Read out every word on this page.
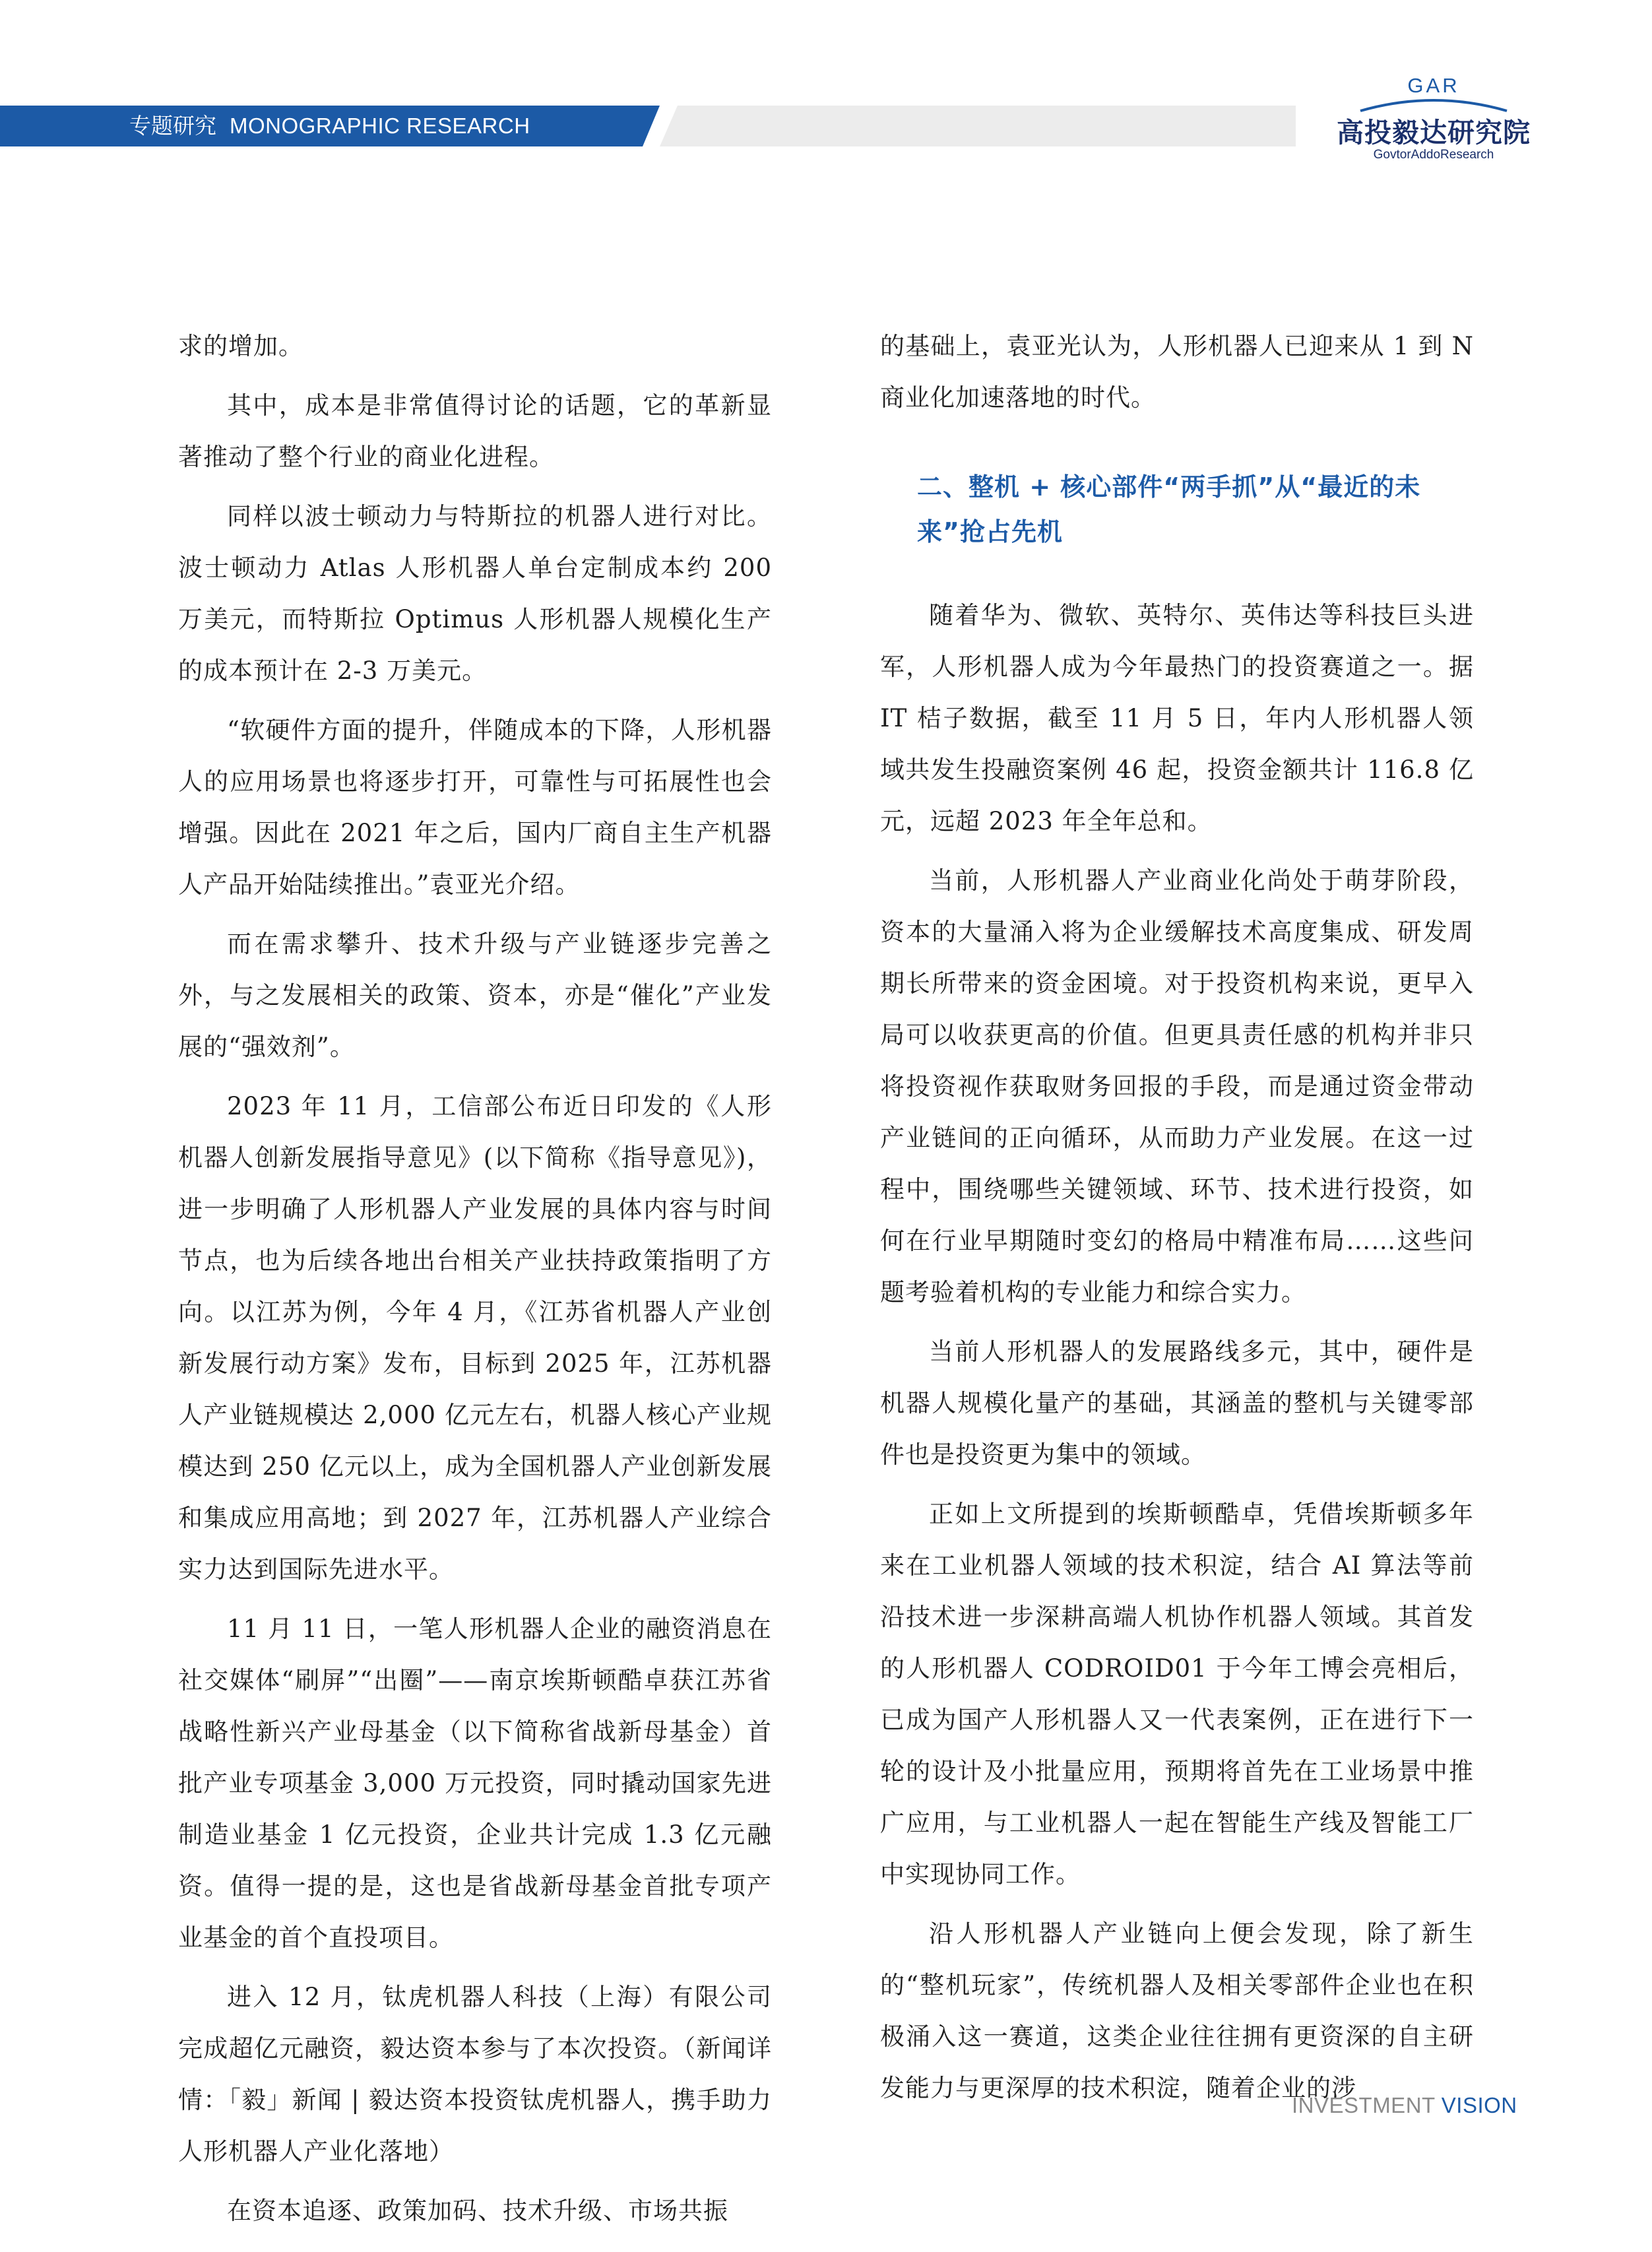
专题研究 MONOGRAPHIC RESEARCH
GAR
高投毅达研究院
GovtorAddoResearch

求的增加。

其中，成本是非常值得讨论的话题，它的革新显著推动了整个行业的商业化进程。

同样以波士顿动力与特斯拉的机器人进行对比。波士顿动力 Atlas 人形机器人单台定制成本约 200 万美元，而特斯拉 Optimus 人形机器人规模化生产的成本预计在 2-3 万美元。

“软硬件方面的提升，伴随成本的下降，人形机器人的应用场景也将逐步打开，可靠性与可拓展性也会增强。因此在 2021 年之后，国内厂商自主生产机器人产品开始陆续推出。”袁亚光介绍。

而在需求攀升、技术升级与产业链逐步完善之外，与之发展相关的政策、资本，亦是“催化”产业发展的“强效剂”。

2023 年 11 月，工信部公布近日印发的《人形机器人创新发展指导意见》(以下简称《指导意见》)，进一步明确了人形机器人产业发展的具体内容与时间节点，也为后续各地出台相关产业扶持政策指明了方向。以江苏为例，今年 4 月，《江苏省机器人产业创新发展行动方案》发布，目标到 2025 年，江苏机器人产业链规模达 2,000 亿元左右，机器人核心产业规模达到 250 亿元以上，成为全国机器人产业创新发展和集成应用高地；到 2027 年，江苏机器人产业综合实力达到国际先进水平。

11 月 11 日，一笔人形机器人企业的融资消息在社交媒体“刷屏”“出圈”——南京埃斯顿酷卓获江苏省战略性新兴产业母基金（以下简称省战新母基金）首批产业专项基金 3,000 万元投资，同时撬动国家先进制造业基金 1 亿元投资，企业共计完成 1.3 亿元融资。值得一提的是，这也是省战新母基金首批专项产业基金的首个直投项目。

进入 12 月，钛虎机器人科技（上海）有限公司完成超亿元融资，毅达资本参与了本次投资。（新闻详情：「毅」新闻 | 毅达资本投资钛虎机器人，携手助力人形机器人产业化落地）

在资本追逐、政策加码、技术升级、市场共振

的基础上，袁亚光认为，人形机器人已迎来从 1 到 N 商业化加速落地的时代。

二、整机 + 核心部件“两手抓”从“最近的未来”抢占先机

随着华为、微软、英特尔、英伟达等科技巨头进军，人形机器人成为今年最热门的投资赛道之一。据 IT 桔子数据，截至 11 月 5 日，年内人形机器人领域共发生投融资案例 46 起，投资金额共计 116.8 亿元，远超 2023 年全年总和。

当前，人形机器人产业商业化尚处于萌芽阶段，资本的大量涌入将为企业缓解技术高度集成、研发周期长所带来的资金困境。对于投资机构来说，更早入局可以收获更高的价值。但更具责任感的机构并非只将投资视作获取财务回报的手段，而是通过资金带动产业链间的正向循环，从而助力产业发展。在这一过程中，围绕哪些关键领域、环节、技术进行投资，如何在行业早期随时变幻的格局中精准布局……这些问题考验着机构的专业能力和综合实力。

当前人形机器人的发展路线多元，其中，硬件是机器人规模化量产的基础，其涵盖的整机与关键零部件也是投资更为集中的领域。

正如上文所提到的埃斯顿酷卓，凭借埃斯顿多年来在工业机器人领域的技术积淀，结合 AI 算法等前沿技术进一步深耕高端人机协作机器人领域。其首发的人形机器人 CODROID01 于今年工博会亮相后，已成为国产人形机器人又一代表案例，正在进行下一轮的设计及小批量应用，预期将首先在工业场景中推广应用，与工业机器人一起在智能生产线及智能工厂中实现协同工作。

沿人形机器人产业链向上便会发现，除了新生的“整机玩家”，传统机器人及相关零部件企业也在积极涌入这一赛道，这类企业往往拥有更资深的自主研发能力与更深厚的技术积淀，随着企业的涉

INVESTMENT VISION
